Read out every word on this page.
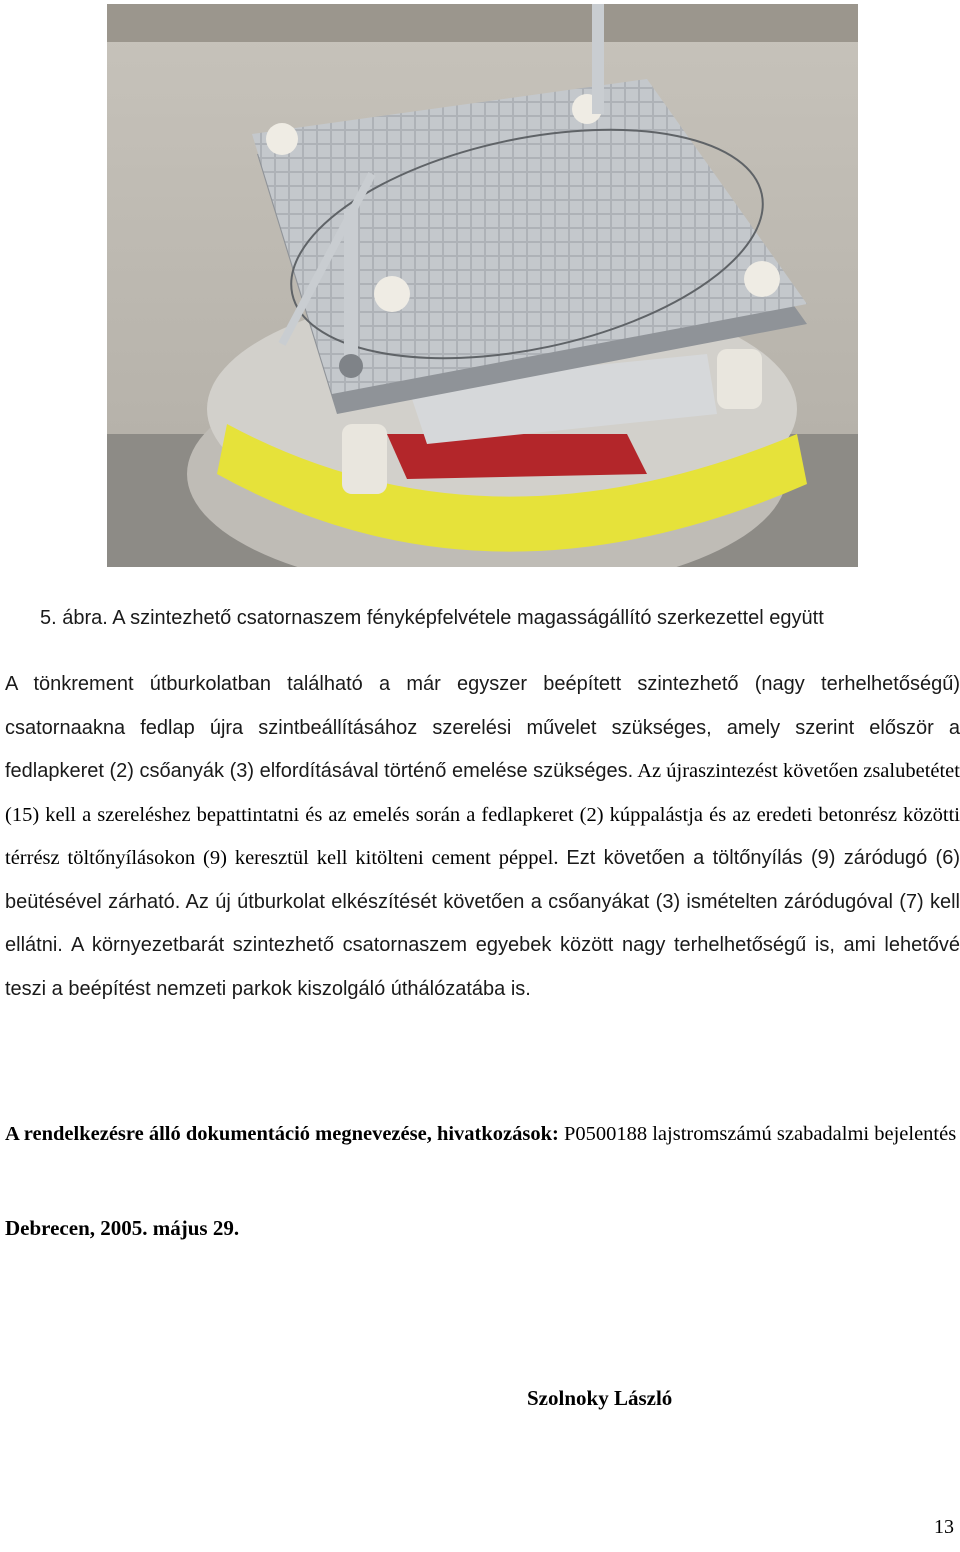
5. ábra. A szintezhető csatornaszem fényképfelvétele magasságállító szerkezettel együtt

A tönkrement útburkolatban található a már egyszer beépített szintezhető (nagy terhelhetőségű) csatornaakna fedlap újra szintbeállításához szerelési művelet szükséges, amely szerint először a fedlapkeret (2) csőanyák (3) elfordításával történő emelése szükséges. Az újraszintezést követően zsalubetétet (15) kell a szereléshez bepattintatni és az emelés során a fedlapkeret (2) kúppalástja és az eredeti betonrész közötti térrész töltőnyílásokon (9) keresztül kell kitölteni cement péppel. Ezt követően a töltőnyílás (9) záródugó (6) beütésével zárható. Az új útburkolat elkészítését követően a csőanyákat (3) ismételten záródugóval (7) kell ellátni. A környezetbarát szintezhető csatornaszem egyebek között nagy terhelhetőségű is, ami lehetővé teszi a beépítést nemzeti parkok kiszolgáló úthálózatába is.

A rendelkezésre álló dokumentáció megnevezése, hivatkozások: P0500188 lajstromszámú szabadalmi bejelentés

Debrecen, 2005. május 29.

Szolnoky László

13
